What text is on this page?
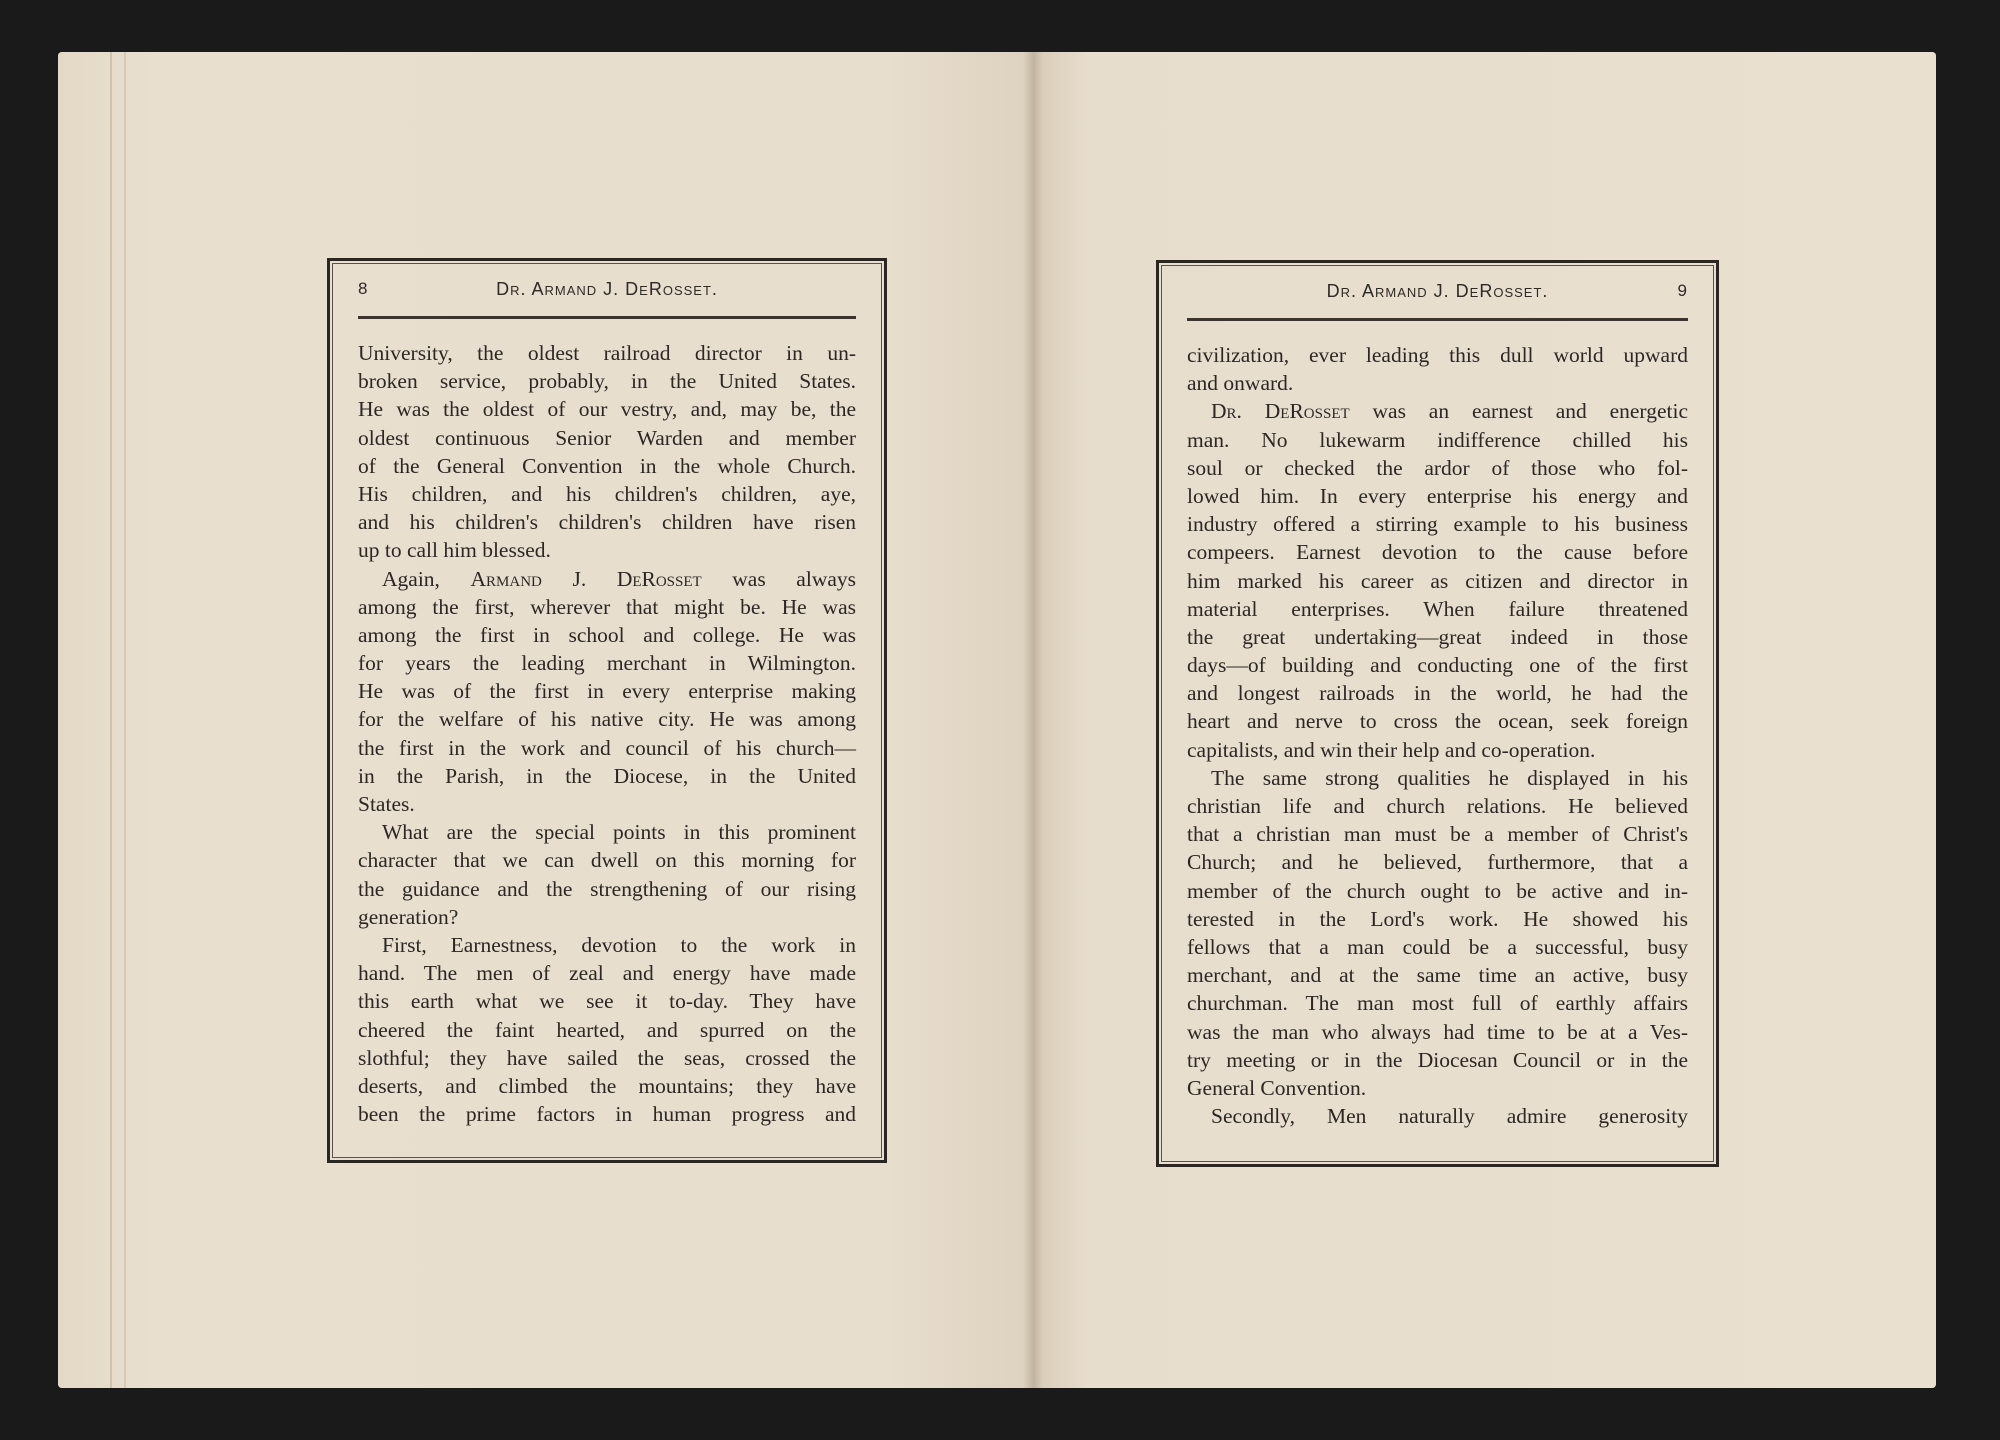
8	Dr. Armand J. DeRosset.
University, the oldest railroad director in un-
broken service, probably, in the United States.
He was the oldest of our vestry, and, may be, the
oldest continuous Senior Warden and member
of the General Convention in the whole Church.
His children, and his children's children, aye,
and his children's children's children have risen
up to call him blessed.
Again, Armand J. DeRosset was always
among the first, wherever that might be. He was
among the first in school and college. He was
for years the leading merchant in Wilmington.
He was of the first in every enterprise making
for the welfare of his native city. He was among
the first in the work and council of his church—
in the Parish, in the Diocese, in the United
States.
What are the special points in this prominent
character that we can dwell on this morning for
the guidance and the strengthening of our rising
generation?
First, Earnestness, devotion to the work in
hand. The men of zeal and energy have made
this earth what we see it to-day. They have
cheered the faint hearted, and spurred on the
slothful; they have sailed the seas, crossed the
deserts, and climbed the mountains; they have
been the prime factors in human progress and
Dr. Armand J. DeRosset.	9
civilization, ever leading this dull world upward
and onward.
Dr. DeRosset was an earnest and energetic
man. No lukewarm indifference chilled his
soul or checked the ardor of those who fol-
lowed him. In every enterprise his energy and
industry offered a stirring example to his business
compeers. Earnest devotion to the cause before
him marked his career as citizen and director in
material enterprises. When failure threatened
the great undertaking—great indeed in those
days—of building and conducting one of the first
and longest railroads in the world, he had the
heart and nerve to cross the ocean, seek foreign
capitalists, and win their help and co-operation.
The same strong qualities he displayed in his
christian life and church relations. He believed
that a christian man must be a member of Christ's
Church; and he believed, furthermore, that a
member of the church ought to be active and in-
terested in the Lord's work. He showed his
fellows that a man could be a successful, busy
merchant, and at the same time an active, busy
churchman. The man most full of earthly affairs
was the man who always had time to be at a Ves-
try meeting or in the Diocesan Council or in the
General Convention.
Secondly, Men naturally admire generosity
